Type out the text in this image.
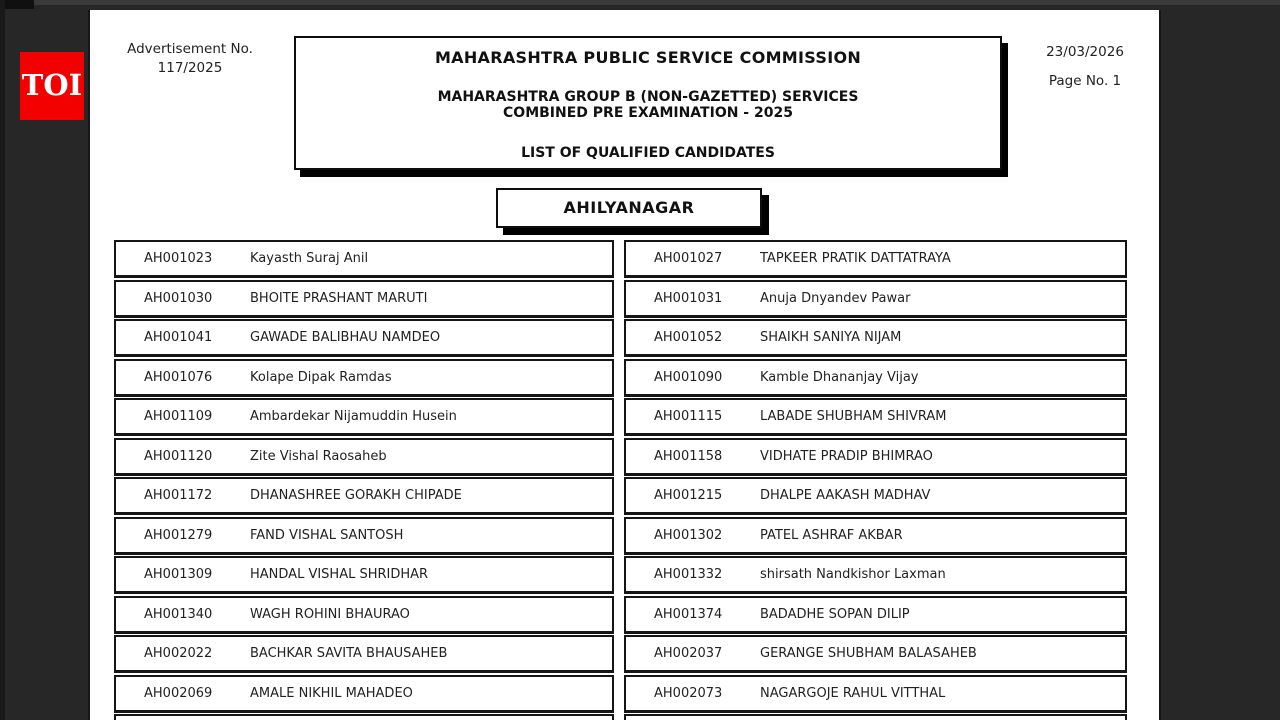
TOI
Advertisement No.
117/2025
MAHARASHTRA PUBLIC SERVICE COMMISSION
MAHARASHTRA GROUP B (NON-GAZETTED) SERVICES
COMBINED PRE EXAMINATION - 2025
LIST OF QUALIFIED CANDIDATES
23/03/2026
Page No. 1
AHILYANAGAR
AH001023	Kayasth Suraj Anil
AH001030	BHOITE PRASHANT MARUTI
AH001041	GAWADE BALIBHAU NAMDEO
AH001076	Kolape Dipak Ramdas
AH001109	Ambardekar Nijamuddin Husein
AH001120	Zite Vishal Raosaheb
AH001172	DHANASHREE GORAKH CHIPADE
AH001279	FAND VISHAL SANTOSH
AH001309	HANDAL VISHAL SHRIDHAR
AH001340	WAGH ROHINI BHAURAO
AH002022	BACHKAR SAVITA BHAUSAHEB
AH002069	AMALE NIKHIL MAHADEO
AH001027	TAPKEER PRATIK DATTATRAYA
AH001031	Anuja Dnyandev Pawar
AH001052	SHAIKH SANIYA NIJAM
AH001090	Kamble Dhananjay Vijay
AH001115	LABADE SHUBHAM SHIVRAM
AH001158	VIDHATE PRADIP BHIMRAO
AH001215	DHALPE AAKASH MADHAV
AH001302	PATEL ASHRAF AKBAR
AH001332	shirsath Nandkishor Laxman
AH001374	BADADHE SOPAN DILIP
AH002037	GERANGE SHUBHAM BALASAHEB
AH002073	NAGARGOJE RAHUL VITTHAL
